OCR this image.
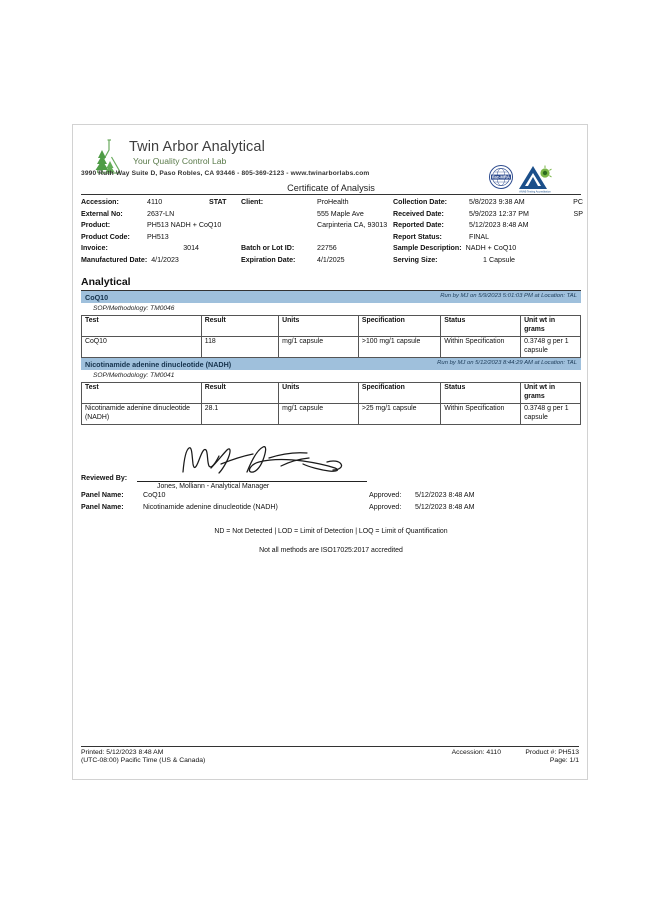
Twin Arbor Analytical
Your Quality Control Lab
3990 Ruth Way Suite D, Paso Robles, CA 93446 - 805-369-2123 - www.twinarborlabs.com
ilac-MRA
ANAB Testing Accreditation
Certificate of Analysis
Accession:	4110	STAT
External No:	2637-LN
Product:	PH513 NADH + CoQ10
Product Code: PH513
Invoice:	3014
Manufactured Date: 4/1/2023
Client:	ProHealth
555 Maple Ave
Carpinteria CA, 93013
Batch or Lot ID:	22756
Expiration Date:	4/1/2025
Collection Date:	5/8/2023 9:38 AM	PC
Received Date:	5/9/2023 12:37 PM	SP
Reported Date:	5/12/2023 8:48 AM
Report Status:	FINAL
Sample Description: NADH + CoQ10
Serving Size:	1 Capsule
Analytical
CoQ10	Run by MJ on 5/9/2023 5:01:03 PM at Location: TAL
SOP/Methodology: TM0046
Test	Result	Units	Specification	Status	Unit wt in grams
CoQ10	118	mg/1 capsule	>100 mg/1 capsule	Within Specification	0.3748 g per 1 capsule
Nicotinamide adenine dinucleotide (NADH)	Run by MJ on 5/12/2023 8:44:29 AM at Location: TAL
SOP/Methodology: TM0041
Test	Result	Units	Specification	Status	Unit wt in grams
Nicotinamide adenine dinucleotide (NADH)	28.1	mg/1 capsule	>25 mg/1 capsule	Within Specification	0.3748 g per 1 capsule
Reviewed By:
Jones, Molliann - Analytical Manager
Panel Name:	CoQ10	Approved: 5/12/2023 8:48 AM
Panel Name:	Nicotinamide adenine dinucleotide (NADH)	Approved: 5/12/2023 8:48 AM
ND = Not Detected | LOD = Limit of Detection | LOQ = Limit of Quantification
Not all methods are ISO17025:2017 accredited
Printed: 5/12/2023 8:48 AM
(UTC-08:00) Pacific Time (US & Canada)
Accession: 4110	Product #: PH513
Page: 1/1
